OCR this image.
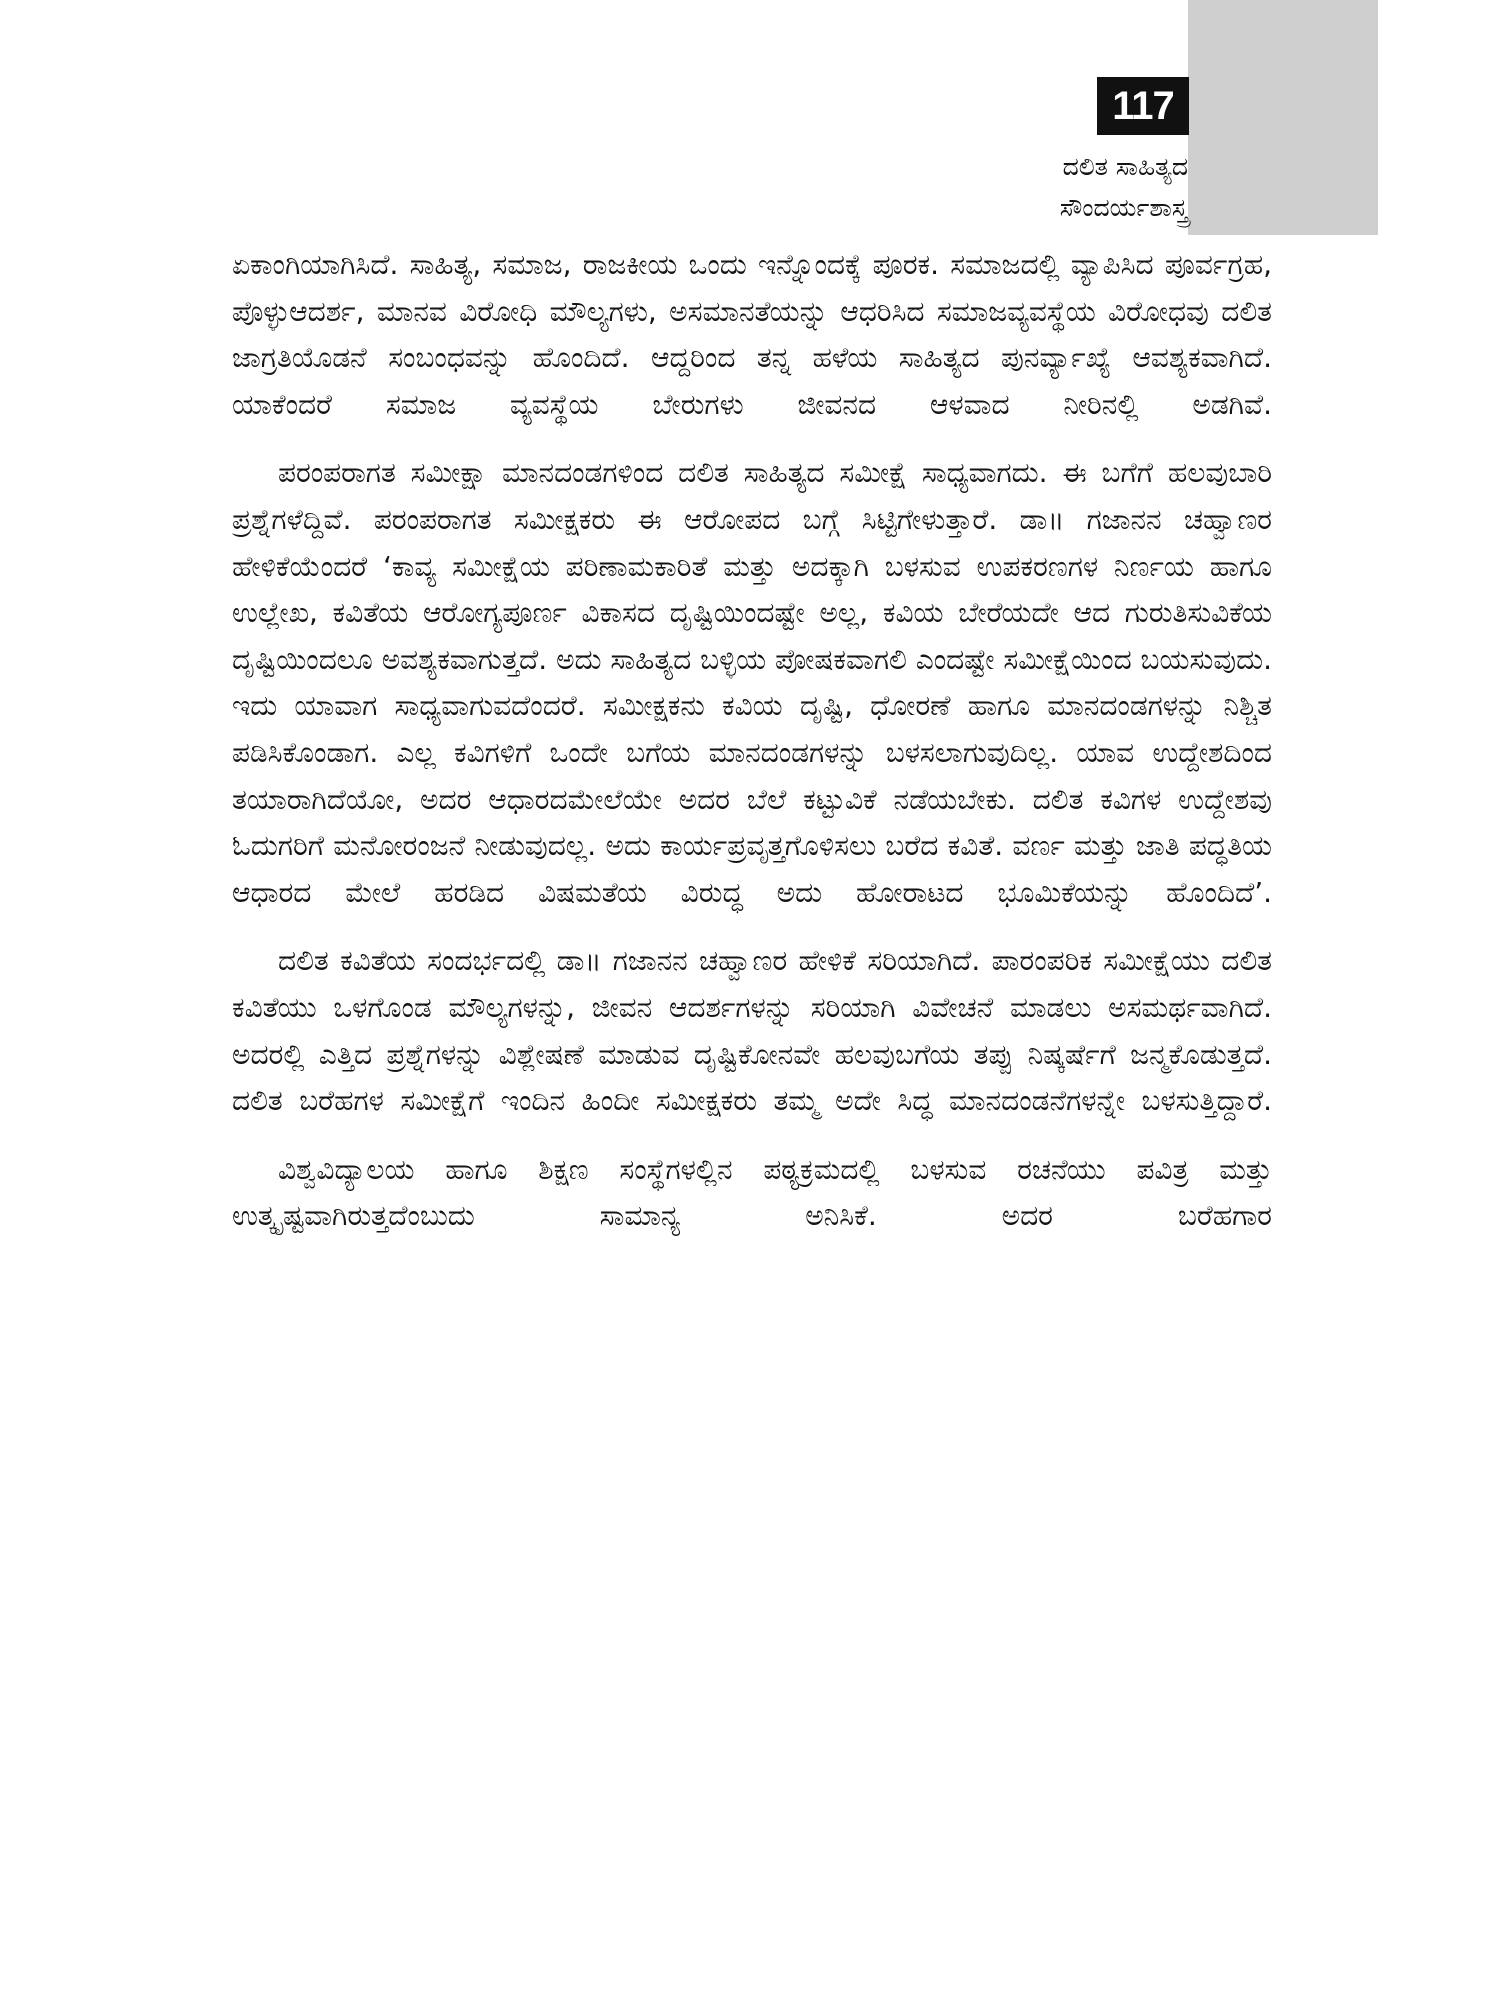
117
ದಲಿತ ಸಾಹಿತ್ಯದ
ಸೌಂದರ್ಯಶಾಸ್ತ್ರ

ಏಕಾಂಗಿಯಾಗಿಸಿದೆ. ಸಾಹಿತ್ಯ, ಸಮಾಜ, ರಾಜಕೀಯ ಒಂದು ಇನ್ನೊಂದಕ್ಕೆ ಪೂರಕ. ಸಮಾಜದಲ್ಲಿ ವ್ಯಾಪಿಸಿದ ಪೂರ್ವಗ್ರಹ, ಪೊಳ್ಳುಆದರ್ಶ, ಮಾನವ ವಿರೋಧಿ ಮೌಲ್ಯಗಳು, ಅಸಮಾನತೆಯನ್ನು ಆಧರಿಸಿದ ಸಮಾಜವ್ಯವಸ್ಥೆಯ ವಿರೋಧವು ದಲಿತ ಜಾಗ್ರತಿಯೊಡನೆ ಸಂಬಂಧವನ್ನು ಹೊಂದಿದೆ. ಆದ್ದರಿಂದ ತನ್ನ ಹಳೆಯ ಸಾಹಿತ್ಯದ ಪುನರ್ವ್ಯಾಖ್ಯೆ ಆವಶ್ಯಕವಾಗಿದೆ. ಯಾಕೆಂದರೆ ಸಮಾಜ ವ್ಯವಸ್ಥೆಯ ಬೇರುಗಳು ಜೀವನದ ಆಳವಾದ ನೀರಿನಲ್ಲಿ ಅಡಗಿವೆ.

ಪರಂಪರಾಗತ ಸಮೀಕ್ಷಾ ಮಾನದಂಡಗಳಿಂದ ದಲಿತ ಸಾಹಿತ್ಯದ ಸಮೀಕ್ಷೆ ಸಾಧ್ಯವಾಗದು. ಈ ಬಗೆಗೆ ಹಲವುಬಾರಿ ಪ್ರಶ್ನೆಗಳೆದ್ದಿವೆ. ಪರಂಪರಾಗತ ಸಮೀಕ್ಷಕರು ಈ ಆರೋಪದ ಬಗ್ಗೆ ಸಿಟ್ಟಿಗೇಳುತ್ತಾರೆ. ಡಾ॥ ಗಜಾನನ ಚಹ್ವಾಣರ ಹೇಳಿಕೆಯೆಂದರೆ ‘ಕಾವ್ಯ ಸಮೀಕ್ಷೆಯ ಪರಿಣಾಮಕಾರಿತೆ ಮತ್ತು ಅದಕ್ಕಾಗಿ ಬಳಸುವ ಉಪಕರಣಗಳ ನಿರ್ಣಯ ಹಾಗೂ ಉಲ್ಲೇಖ, ಕವಿತೆಯ ಆರೋಗ್ಯಪೂರ್ಣ ವಿಕಾಸದ ದೃಷ್ಟಿಯಿಂದಷ್ಟೇ ಅಲ್ಲ, ಕವಿಯ ಬೇರೆಯದೇ ಆದ ಗುರುತಿಸುವಿಕೆಯ ದೃಷ್ಟಿಯಿಂದಲೂ ಅವಶ್ಯಕವಾಗುತ್ತದೆ. ಅದು ಸಾಹಿತ್ಯದ ಬಳ್ಳಿಯ ಪೋಷಕವಾಗಲಿ ಎಂದಷ್ಟೇ ಸಮೀಕ್ಷೆಯಿಂದ ಬಯಸುವುದು. ಇದು ಯಾವಾಗ ಸಾಧ್ಯವಾಗುವದೆಂದರೆ. ಸಮೀಕ್ಷಕನು ಕವಿಯ ದೃಷ್ಟಿ, ಧೋರಣೆ ಹಾಗೂ ಮಾನದಂಡಗಳನ್ನು ನಿಶ್ಚಿತ ಪಡಿಸಿಕೊಂಡಾಗ. ಎಲ್ಲ ಕವಿಗಳಿಗೆ ಒಂದೇ ಬಗೆಯ ಮಾನದಂಡಗಳನ್ನು ಬಳಸಲಾಗುವುದಿಲ್ಲ. ಯಾವ ಉದ್ದೇಶದಿಂದ ತಯಾರಾಗಿದೆಯೋ, ಅದರ ಆಧಾರದಮೇಲೆಯೇ ಅದರ ಬೆಲೆ ಕಟ್ಟುವಿಕೆ ನಡೆಯಬೇಕು. ದಲಿತ ಕವಿಗಳ ಉದ್ದೇಶವು ಓದುಗರಿಗೆ ಮನೋರಂಜನೆ ನೀಡುವುದಲ್ಲ. ಅದು ಕಾರ್ಯಪ್ರವೃತ್ತಗೊಳಿಸಲು ಬರೆದ ಕವಿತೆ. ವರ್ಣ ಮತ್ತು ಜಾತಿ ಪದ್ಧತಿಯ ಆಧಾರದ ಮೇಲೆ ಹರಡಿದ ವಿಷಮತೆಯ ವಿರುದ್ಧ ಅದು ಹೋರಾಟದ ಭೂಮಿಕೆಯನ್ನು ಹೊಂದಿದೆ’.

ದಲಿತ ಕವಿತೆಯ ಸಂದರ್ಭದಲ್ಲಿ ಡಾ॥ ಗಜಾನನ ಚಹ್ವಾಣರ ಹೇಳಿಕೆ ಸರಿಯಾಗಿದೆ. ಪಾರಂಪರಿಕ ಸಮೀಕ್ಷೆಯು ದಲಿತ ಕವಿತೆಯು ಒಳಗೊಂಡ ಮೌಲ್ಯಗಳನ್ನು, ಜೀವನ ಆದರ್ಶಗಳನ್ನು ಸರಿಯಾಗಿ ವಿವೇಚನೆ ಮಾಡಲು ಅಸಮರ್ಥವಾಗಿದೆ. ಅದರಲ್ಲಿ ಎತ್ತಿದ ಪ್ರಶ್ನೆಗಳನ್ನು ವಿಶ್ಲೇಷಣೆ ಮಾಡುವ ದೃಷ್ಟಿಕೋನವೇ ಹಲವುಬಗೆಯ ತಪ್ಪು ನಿಷ್ಕರ್ಷೆಗೆ ಜನ್ಮಕೊಡುತ್ತದೆ. ದಲಿತ ಬರೆಹಗಳ ಸಮೀಕ್ಷೆಗೆ ಇಂದಿನ ಹಿಂದೀ ಸಮೀಕ್ಷಕರು ತಮ್ಮ ಅದೇ ಸಿದ್ಧ ಮಾನದಂಡನೆಗಳನ್ನೇ ಬಳಸುತ್ತಿದ್ದಾರೆ.

ವಿಶ್ವವಿದ್ಯಾಲಯ ಹಾಗೂ ಶಿಕ್ಷಣ ಸಂಸ್ಥೆಗಳಲ್ಲಿನ ಪಠ್ಯಕ್ರಮದಲ್ಲಿ ಬಳಸುವ ರಚನೆಯು ಪವಿತ್ರ ಮತ್ತು ಉತ್ಕೃಷ್ಟವಾಗಿರುತ್ತದೆಂಬುದು ಸಾಮಾನ್ಯ ಅನಿಸಿಕೆ. ಅದರ ಬರೆಹಗಾರ
